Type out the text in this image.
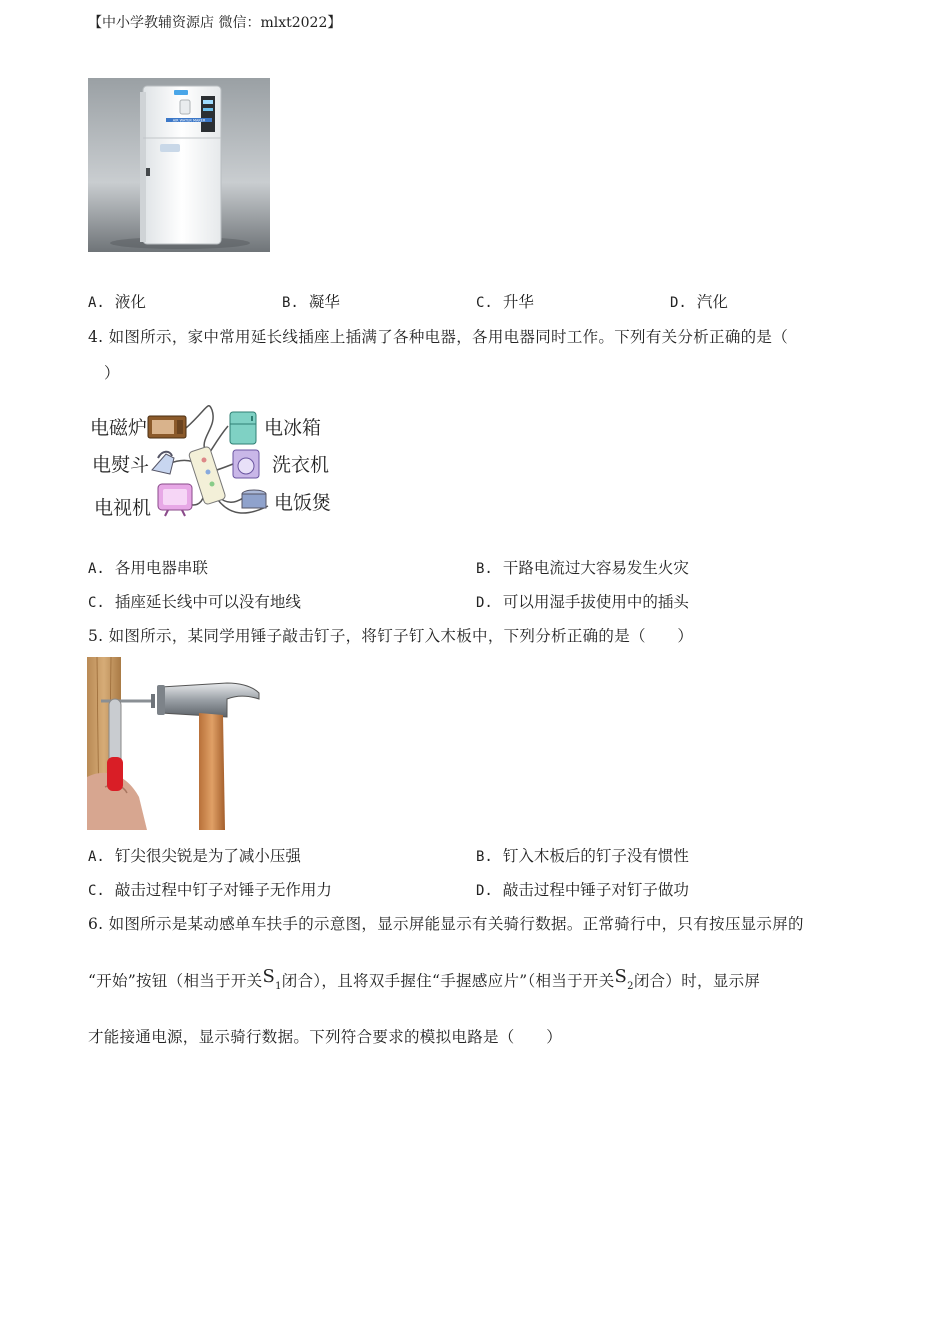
【中小学教辅资源店 微信：mlxt2022】
AIR WATER MAKER
A. 液化	B. 凝华	C. 升华	D. 汽化
4. 如图所示，家中常用延长线插座上插满了各种电器，各用电器同时工作。下列有关分析正确的是（
）
电磁炉	电冰箱
电熨斗	洗衣机
电视机	电饭煲
A. 各用电器串联	B. 干路电流过大容易发生火灾
C. 插座延长线中可以没有地线	D. 可以用湿手拔使用中的插头
5. 如图所示，某同学用锤子敲击钉子，将钉子钉入木板中，下列分析正确的是（　　）
A. 钉尖很尖锐是为了减小压强	B. 钉入木板后的钉子没有惯性
C. 敲击过程中钉子对锤子无作用力	D. 敲击过程中锤子对钉子做功
6. 如图所示是某动感单车扶手的示意图，显示屏能显示有关骑行数据。正常骑行中，只有按压显示屏的
“开始”按钮（相当于开关$S_1$闭合），且将双手握住“手握感应片”（相当于开关$S_2$闭合）时，显示屏
才能接通电源，显示骑行数据。下列符合要求的模拟电路是（　　）
